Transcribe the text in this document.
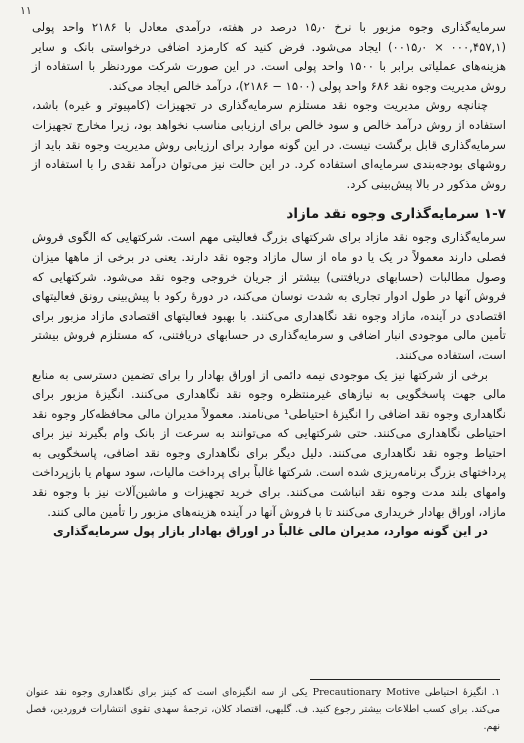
۱۱

سرمایه‌گذاری وجوه مزبور با نرخ ۱۵٫۰ درصد در هفته، درآمدی معادل با ۲۱۸۶ واحد پولی (۰۰۰,۴۵۷,۱ × ۰۰۱۵٫۰) ایجاد می‌شود. فرض کنید که کارمزد اضافی درخواستی بانک و سایر هزینه‌های عملیاتی برابر با ۱۵۰۰ واحد پولی است. در این صورت شرکت موردنظر با استفاده از روش مدیریت وجوه نقد ۶۸۶ واحد پولی (۱۵۰۰ − ۲۱۸۶)، درآمد خالص ایجاد می‌کند.

چنانچه روش مدیریت وجوه نقد مستلزم سرمایه‌گذاری در تجهیزات (کامپیوتر و غیره) باشد، استفاده از روش درآمد خالص و سود خالص برای ارزیابی مناسب نخواهد بود، زیرا مخارج تجهیزات سرمایه‌گذاری قابل برگشت نیست. در این گونه موارد برای ارزیابی روش مدیریت وجوه نقد باید از روشهای بودجه‌بندی سرمایه‌ای استفاده کرد. در این حالت نیز می‌توان درآمد نقدی را با استفاده از روش مذکور در بالا پیش‌بینی کرد.

۱-۷ سرمایه‌گذاری وجوه نقد مازاد

سرمایه‌گذاری وجوه نقد مازاد برای شرکتهای بزرگ فعالیتی مهم است. شرکتهایی که الگوی فروش فصلی دارند معمولاً در یک یا دو ماه از سال مازاد وجوه نقد دارند. یعنی در برخی از ماهها میزان وصول مطالبات (حسابهای دریافتنی) بیشتر از جریان خروجی وجوه نقد می‌شود. شرکتهایی که فروش آنها در طول ادوار تجاری به شدت نوسان می‌کند، در دورهٔ رکود با پیش‌بینی رونق فعالیتهای اقتصادی در آینده، مازاد وجوه نقد نگاهداری می‌کنند. با بهبود فعالیتهای اقتصادی مازاد مزبور برای تأمین مالی موجودی انبار اضافی و سرمایه‌گذاری در حسابهای دریافتنی، که مستلزم فروش بیشتر است، استفاده می‌کنند.

برخی از شرکتها نیز یک موجودی نیمه دائمی از اوراق بهادار را برای تضمین دسترسی به منابع مالی جهت پاسخگویی به نیازهای غیرمنتظره وجوه نقد نگاهداری می‌کنند. انگیزهٔ مزبور برای نگاهداری وجوه نقد اضافی را انگیزهٔ احتیاطی¹ می‌نامند. معمولاً مدیران مالی محافظه‌کار وجوه نقد احتیاطی نگاهداری می‌کنند. حتی شرکتهایی که می‌توانند به سرعت از بانک وام بگیرند نیز برای احتیاط وجوه نقد نگاهداری می‌کنند. دلیل دیگر برای نگاهداری وجوه نقد اضافی، پاسخگویی به پرداختهای بزرگ برنامه‌ریزی شده است. شرکتها غالباً برای پرداخت مالیات، سود سهام یا بازپرداخت وامهای بلند مدت وجوه نقد انباشت می‌کنند. برای خرید تجهیزات و ماشین‌آلات نیز با وجوه نقد مازاد، اوراق بهادار خریداری می‌کنند تا با فروش آنها در آینده هزینه‌های مزبور را تأمین مالی کنند.

در این گونه موارد، مدیران مالی غالباً در اوراق بهادار بازار پول سرمایه‌گذاری

۱. انگیزهٔ احتیاطی Precautionary Motive یکی از سه انگیزه‌ای است که کینز برای نگاهداری وجوه نقد عنوان می‌کند. برای کسب اطلاعات بیشتر رجوع کنید. ف. گلیهی، اقتصاد کلان، ترجمهٔ سهدی تقوی انتشارات فروردین، فصل نهم.
